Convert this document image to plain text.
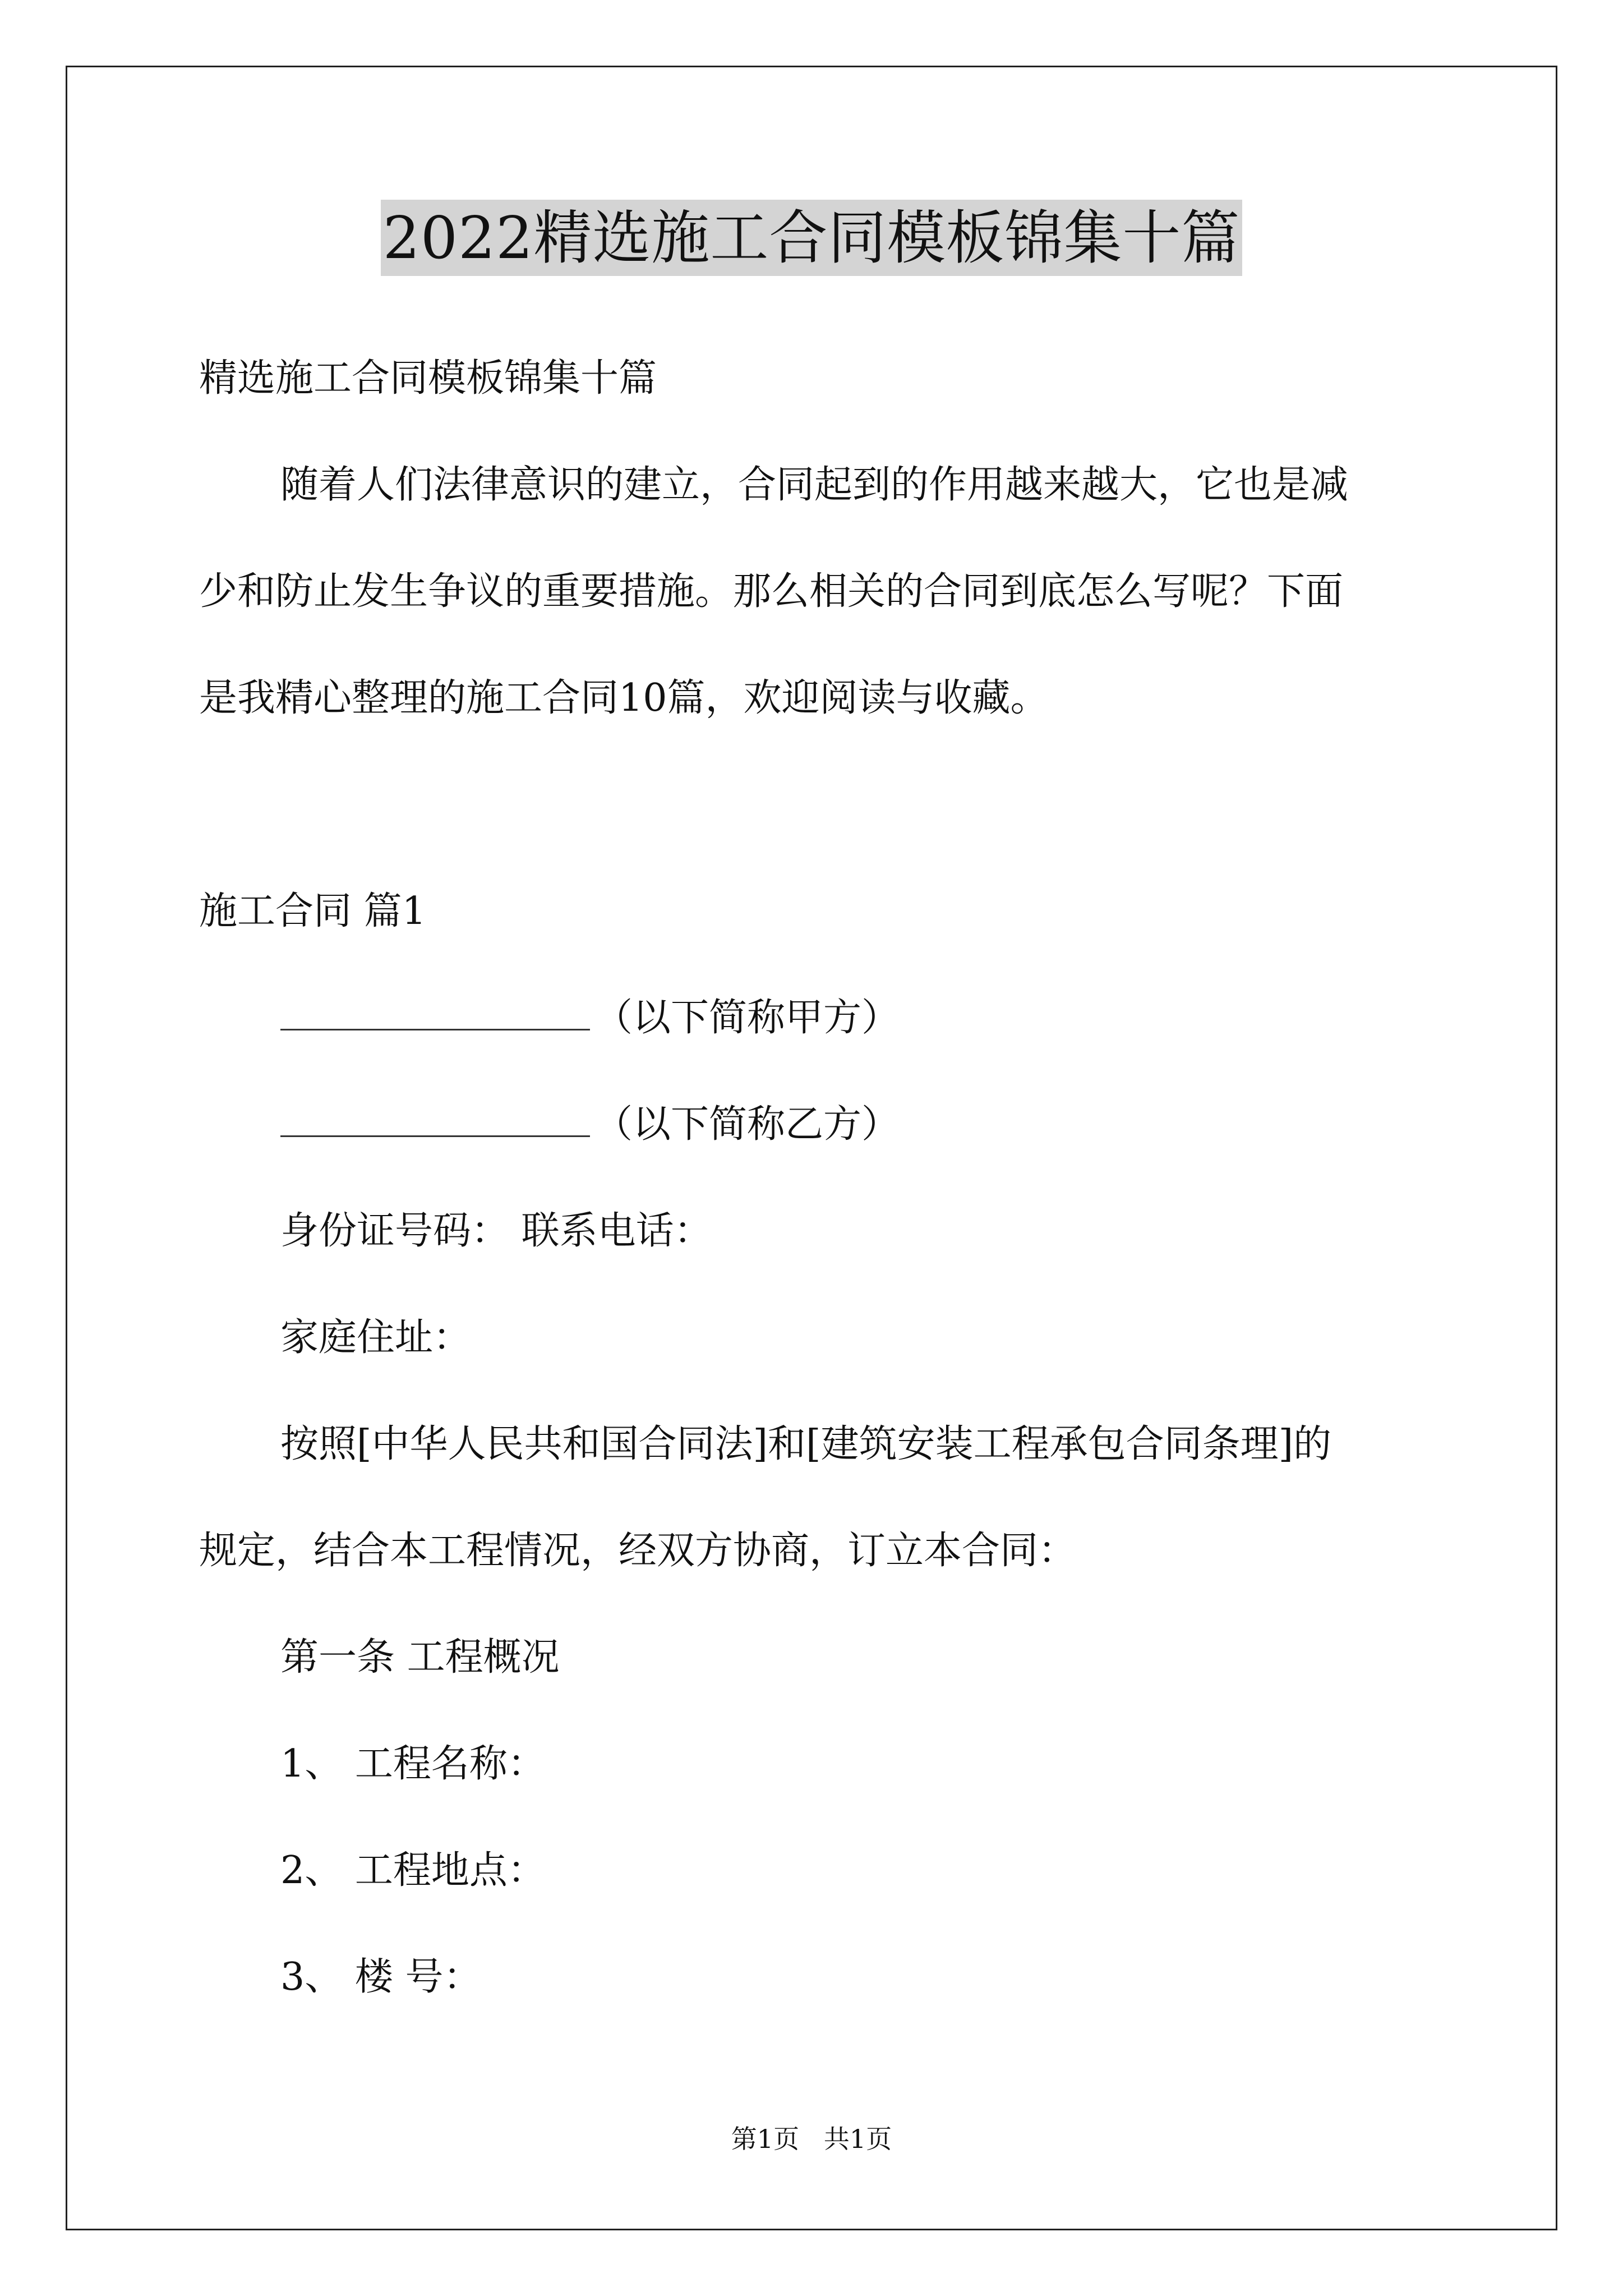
2022精选施工合同模板锦集十篇
精选施工合同模板锦集十篇
随着人们法律意识的建立，合同起到的作用越来越大，它也是减
少和防止发生争议的重要措施。那么相关的合同到底怎么写呢？下面
是我精心整理的施工合同10篇，欢迎阅读与收藏。
施工合同 篇1
（以下简称甲方）
（以下简称乙方）
身份证号码： 联系电话：
家庭住址：
按照[中华人民共和国合同法]和[建筑安装工程承包合同条理]的
规定，结合本工程情况，经双方协商，订立本合同：
第一条 工程概况
1、 工程名称：
2、 工程地点：
3、 楼 号：
第1页   共1页
